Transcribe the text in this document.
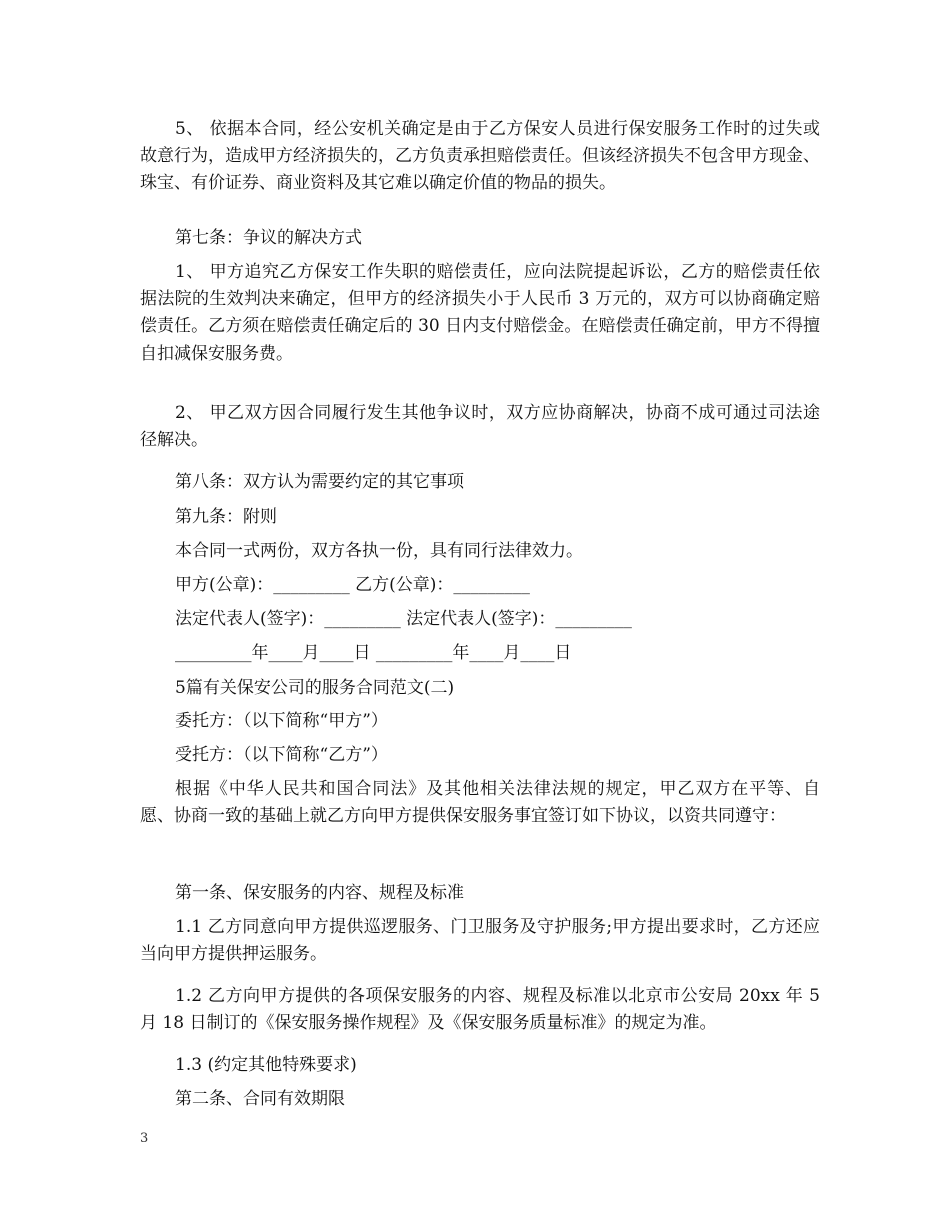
5、 依据本合同，经公安机关确定是由于乙方保安人员进行保安服务工作时的过失或故意行为，造成甲方经济损失的，乙方负责承担赔偿责任。但该经济损失不包含甲方现金、珠宝、有价证券、商业资料及其它难以确定价值的物品的损失。

第七条：争议的解决方式

1、 甲方追究乙方保安工作失职的赔偿责任，应向法院提起诉讼，乙方的赔偿责任依据法院的生效判决来确定，但甲方的经济损失小于人民币 3 万元的，双方可以协商确定赔偿责任。乙方须在赔偿责任确定后的 30 日内支付赔偿金。在赔偿责任确定前，甲方不得擅自扣减保安服务费。

2、 甲乙双方因合同履行发生其他争议时，双方应协商解决，协商不成可通过司法途径解决。

第八条：双方认为需要约定的其它事项

第九条：附则

本合同一式两份，双方各执一份，具有同行法律效力。

甲方(公章)：_________ 乙方(公章)：_________

法定代表人(签字)：_________ 法定代表人(签字)：_________

_________年____月____日 _________年____月____日

5篇有关保安公司的服务合同范文(二)

委托方：（以下简称“甲方”）

受托方：（以下简称“乙方”）

根据《中华人民共和国合同法》及其他相关法律法规的规定，甲乙双方在平等、自愿、协商一致的基础上就乙方向甲方提供保安服务事宜签订如下协议，以资共同遵守：

第一条、保安服务的内容、规程及标准

1.1 乙方同意向甲方提供巡逻服务、门卫服务及守护服务;甲方提出要求时，乙方还应当向甲方提供押运服务。

1.2 乙方向甲方提供的各项保安服务的内容、规程及标准以北京市公安局 20xx 年 5 月 18 日制订的《保安服务操作规程》及《保安服务质量标准》的规定为准。

1.3 (约定其他特殊要求)

第二条、合同有效期限

3
